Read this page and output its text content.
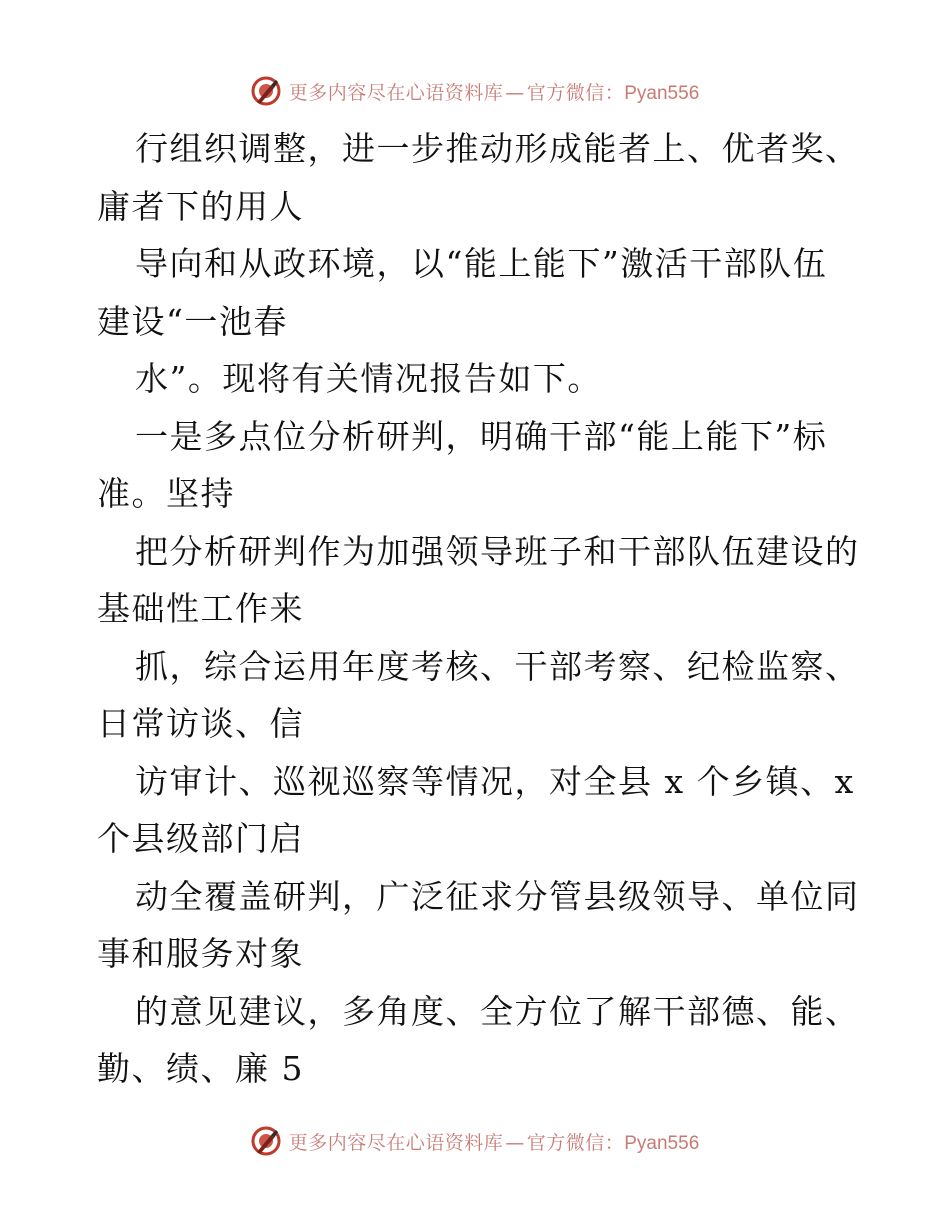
更多内容尽在心语资料库 — 官方微信：Pyan556
行组织调整，进一步推动形成能者上、优者奖、
庸者下的用人
导向和从政环境，以“能上能下”激活干部队伍
建设“一池春
水”。现将有关情况报告如下。
一是多点位分析研判，明确干部“能上能下”标
准。坚持
把分析研判作为加强领导班子和干部队伍建设的
基础性工作来
抓，综合运用年度考核、干部考察、纪检监察、
日常访谈、信
访审计、巡视巡察等情况，对全县 x 个乡镇、x
个县级部门启
动全覆盖研判，广泛征求分管县级领导、单位同
事和服务对象
的意见建议，多角度、全方位了解干部德、能、
勤、绩、廉 5
更多内容尽在心语资料库 — 官方微信：Pyan556
